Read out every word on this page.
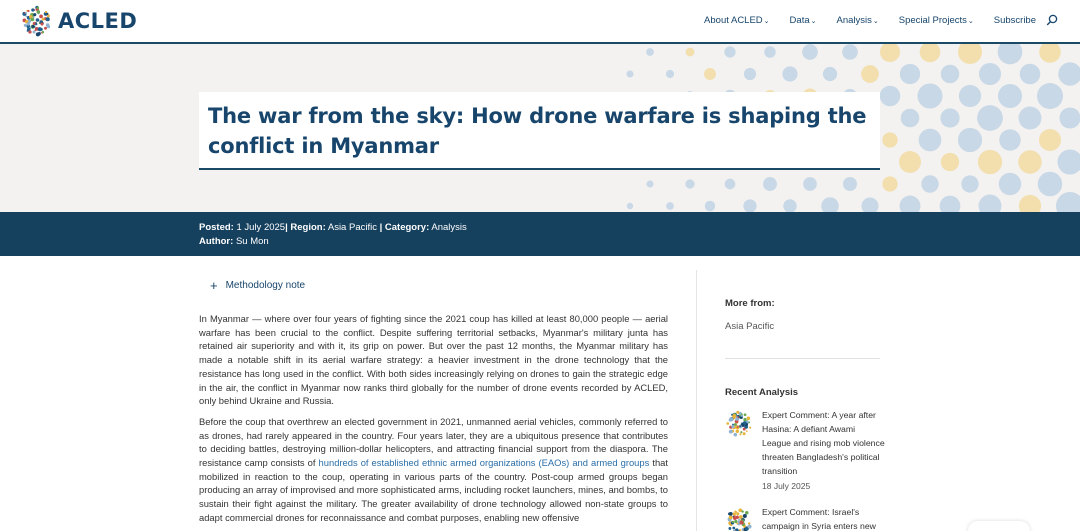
ACLED	About ACLED⌄ Data⌄ Analysis⌄ Special Projects⌄ Subscribe
The war from the sky: How drone warfare is shaping the conflict in Myanmar
Posted: 1 July 2025| Region: Asia Pacific | Category: Analysis
Author: Su Mon
+ Methodology note

In Myanmar — where over four years of fighting since the 2021 coup has killed at least 80,000 people — aerial warfare has been crucial to the conflict. Despite suffering territorial setbacks, Myanmar's military junta has retained air superiority and with it, its grip on power. But over the past 12 months, the Myanmar military has made a notable shift in its aerial warfare strategy: a heavier investment in the drone technology that the resistance has long used in the conflict. With both sides increasingly relying on drones to gain the strategic edge in the air, the conflict in Myanmar now ranks third globally for the number of drone events recorded by ACLED, only behind Ukraine and Russia.

Before the coup that overthrew an elected government in 2021, unmanned aerial vehicles, commonly referred to as drones, had rarely appeared in the country. Four years later, they are a ubiquitous presence that contributes to deciding battles, destroying million-dollar helicopters, and attracting financial support from the diaspora. The resistance camp consists of hundreds of established ethnic armed organizations (EAOs) and armed groups that mobilized in reaction to the coup, operating in various parts of the country. Post-coup armed groups began producing an array of improvised and more sophisticated arms, including rocket launchers, mines, and bombs, to sustain their fight against the military. The greater availability of drone technology allowed non-state groups to adapt commercial drones for reconnaissance and combat purposes, enabling new offensive

More from:
Asia Pacific
Recent Analysis
Expert Comment: A year after Hasina: A defiant Awami League and rising mob violence threaten Bangladesh's political transition
18 July 2025
Expert Comment: Israel's campaign in Syria enters new
